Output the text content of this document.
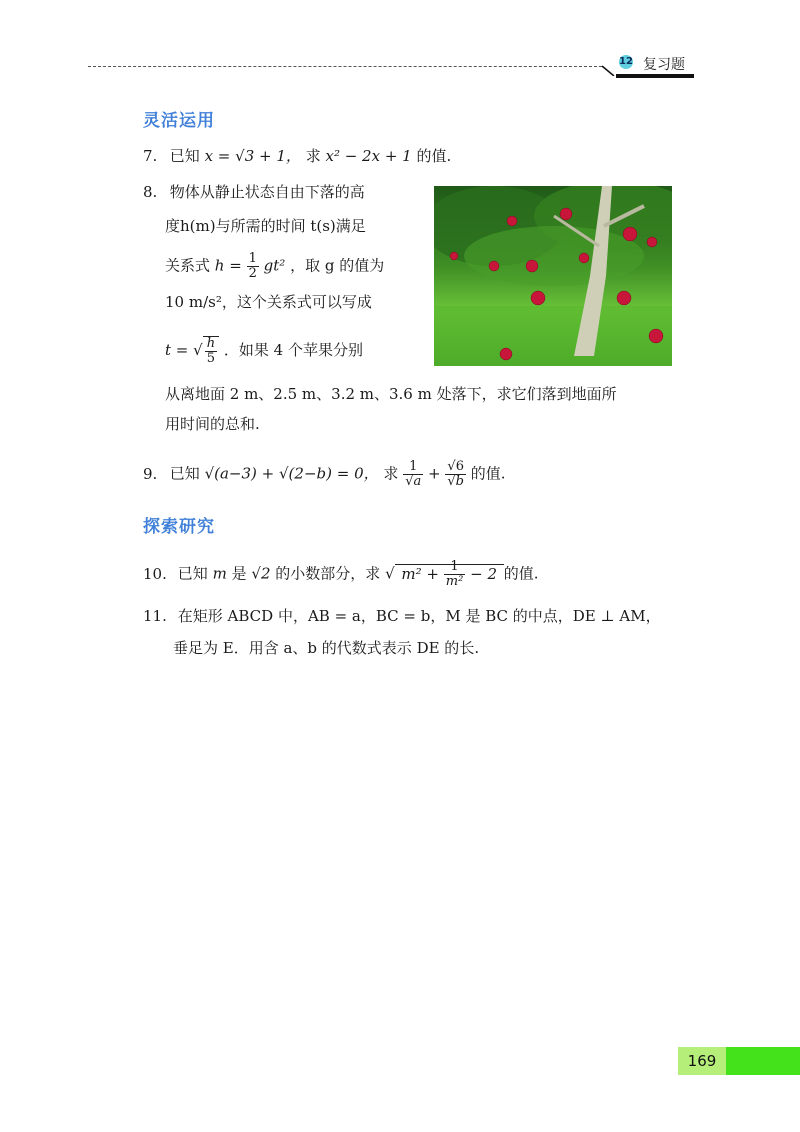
12 复习题
灵活运用
7. 已知 x = √3 + 1， 求 x² − 2x + 1 的值.
8. 物体从静止状态自由下落的高
度h(m)与所需的时间 t(s)满足
关系式 $h = \frac{1}{2} gt^2$ ，取 g 的值为
10 m/s²，这个关系式可以写成
t = √ $\frac{h}{5}$ ．如果 4 个苹果分别
从离地面 2 m、2.5 m、3.2 m、3.6 m 处落下，求它们落到地面所
用时间的总和.
9. 已知 √(a−3) + √(2−b) = 0， 求 $\frac{1}{√a} + \frac{√6}{√b}$ 的值.
探索研究
10. 已知 m 是 √2 的小数部分，求 √ $m^2 + \frac{1}{\text{m²}} - 2$ 的值.
11. 在矩形 ABCD 中，AB = a，BC = b，M 是 BC 的中点，DE ⊥ AM，
垂足为 E．用含 a、b 的代数式表示 DE 的长.
169
